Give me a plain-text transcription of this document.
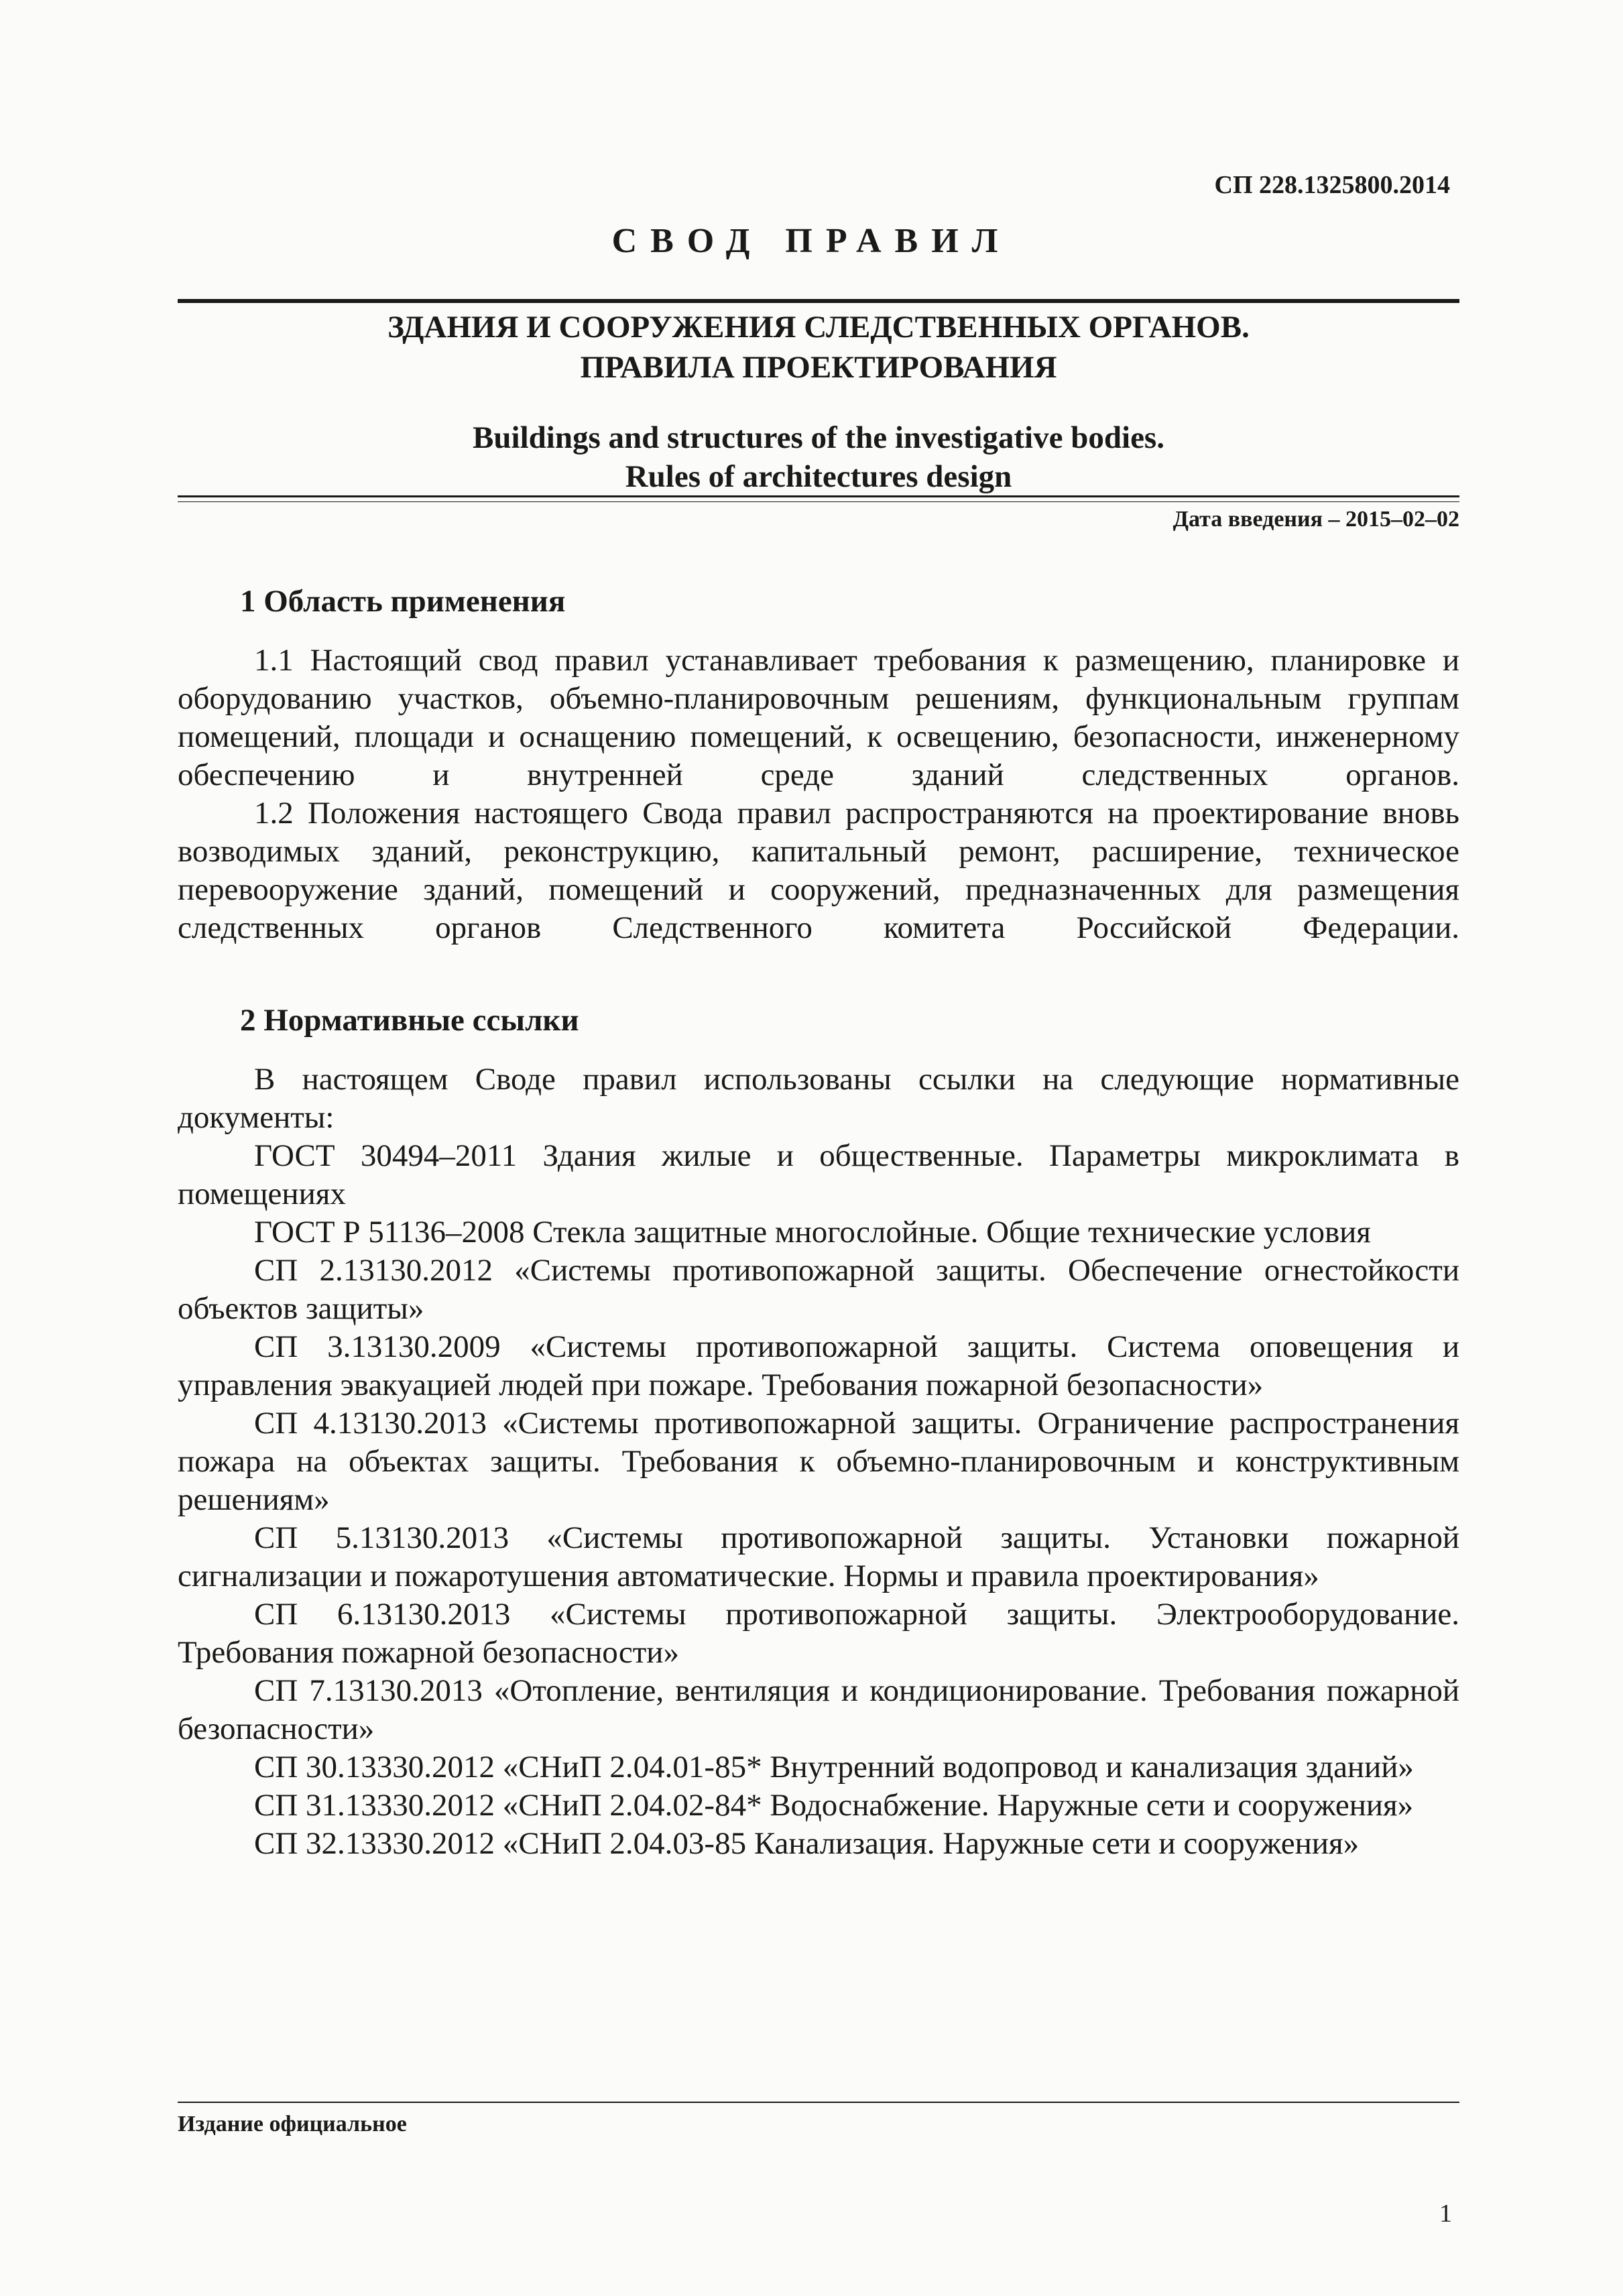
СП 228.1325800.2014
СВОД ПРАВИЛ
ЗДАНИЯ И СООРУЖЕНИЯ СЛЕДСТВЕННЫХ ОРГАНОВ.
ПРАВИЛА ПРОЕКТИРОВАНИЯ
Buildings and structures of the investigative bodies.
Rules of architectures design
Дата введения – 2015–02–02
1 Область применения
1.1 Настоящий свод правил устанавливает требования к размещению, планировке и оборудованию участков, объемно-планировочным решениям, функциональным группам помещений, площади и оснащению помещений, к освещению, безопасности, инженерному обеспечению и внутренней среде зданий следственных органов.
1.2 Положения настоящего Свода правил распространяются на проектирование вновь возводимых зданий, реконструкцию, капитальный ремонт, расширение, техническое перевооружение зданий, помещений и сооружений, предназначенных для размещения следственных органов Следственного комитета Российской Федерации.
2 Нормативные ссылки

В настоящем Своде правил использованы ссылки на следующие нормативные документы:

ГОСТ 30494–2011 Здания жилые и общественные. Параметры микроклимата в помещениях

ГОСТ Р 51136–2008 Стекла защитные многослойные. Общие технические условия

СП 2.13130.2012 «Системы противопожарной защиты. Обеспечение огнестойкости объектов защиты»

СП 3.13130.2009 «Системы противопожарной защиты. Система оповещения и управления эвакуацией людей при пожаре. Требования пожарной безопасности»

СП 4.13130.2013 «Системы противопожарной защиты. Ограничение распространения пожара на объектах защиты. Требования к объемно-планировочным и конструктивным решениям»

СП 5.13130.2013 «Системы противопожарной защиты. Установки пожарной сигнализации и пожаротушения автоматические. Нормы и правила проектирования»

СП 6.13130.2013 «Системы противопожарной защиты. Электрооборудование. Требования пожарной безопасности»

СП 7.13130.2013 «Отопление, вентиляция и кондиционирование. Требования пожарной безопасности»

СП 30.13330.2012 «СНиП 2.04.01-85* Внутренний водопровод и канализация зданий»

СП 31.13330.2012 «СНиП 2.04.02-84* Водоснабжение. Наружные сети и сооружения»

СП 32.13330.2012 «СНиП 2.04.03-85 Канализация. Наружные сети и сооружения»

Издание официальное
1
